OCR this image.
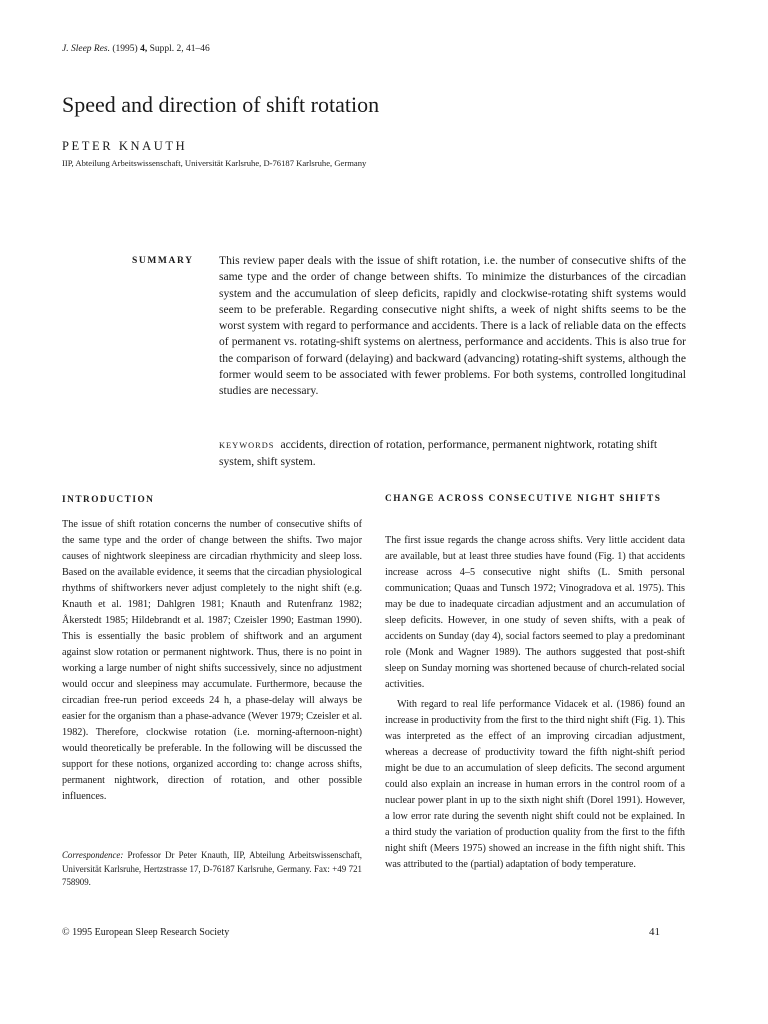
J. Sleep Res. (1995) 4, Suppl. 2, 41–46
Speed and direction of shift rotation
PETER KNAUTH
IIP, Abteilung Arbeitswissenschaft, Universität Karlsruhe, D-76187 Karlsruhe, Germany
SUMMARY This review paper deals with the issue of shift rotation, i.e. the number of consecutive shifts of the same type and the order of change between shifts. To minimize the disturbances of the circadian system and the accumulation of sleep deficits, rapidly and clockwise-rotating shift systems would seem to be preferable. Regarding consecutive night shifts, a week of night shifts seems to be the worst system with regard to performance and accidents. There is a lack of reliable data on the effects of permanent vs. rotating-shift systems on alertness, performance and accidents. This is also true for the comparison of forward (delaying) and backward (advancing) rotating-shift systems, although the former would seem to be associated with fewer problems. For both systems, controlled longitudinal studies are necessary.

KEYWORDS accidents, direction of rotation, performance, permanent nightwork, rotating shift system, shift system.

INTRODUCTION

The issue of shift rotation concerns the number of consecutive shifts of the same type and the order of change between the shifts. Two major causes of nightwork sleepiness are circadian rhythmicity and sleep loss. Based on the available evidence, it seems that the circadian physiological rhythms of shiftworkers never adjust completely to the night shift (e.g. Knauth et al. 1981; Dahlgren 1981; Knauth and Rutenfranz 1982; Åkerstedt 1985; Hildebrandt et al. 1987; Czeisler 1990; Eastman 1990). This is essentially the basic problem of shiftwork and an argument against slow rotation or permanent nightwork. Thus, there is no point in working a large number of night shifts successively, since no adjustment would occur and sleepiness may accumulate. Furthermore, because the circadian free-run period exceeds 24 h, a phase-delay will always be easier for the organism than a phase-advance (Wever 1979; Czeisler et al. 1982). Therefore, clockwise rotation (i.e. morning-afternoon-night) would theoretically be preferable. In the following will be discussed the support for these notions, organized according to: change across shifts, permanent nightwork, direction of rotation, and other possible influences.

Correspondence: Professor Dr Peter Knauth, IIP, Abteilung Arbeitswissenschaft, Universität Karlsruhe, Hertzstrasse 17, D-76187 Karlsruhe, Germany. Fax: +49 721 758909.

CHANGE ACROSS CONSECUTIVE NIGHT SHIFTS

The first issue regards the change across shifts. Very little accident data are available, but at least three studies have found (Fig. 1) that accidents increase across 4–5 consecutive night shifts (L. Smith personal communication; Quaas and Tunsch 1972; Vinogradova et al. 1975). This may be due to inadequate circadian adjustment and an accumulation of sleep deficits. However, in one study of seven shifts, with a peak of accidents on Sunday (day 4), social factors seemed to play a predominant role (Monk and Wagner 1989). The authors suggested that post-shift sleep on Sunday morning was shortened because of church-related social activities.

With regard to real life performance Vidacek et al. (1986) found an increase in productivity from the first to the third night shift (Fig. 1). This was interpreted as the effect of an improving circadian adjustment, whereas a decrease of productivity toward the fifth night-shift period might be due to an accumulation of sleep deficits. The second argument could also explain an increase in human errors in the control room of a nuclear power plant in up to the sixth night shift (Dorel 1991). However, a low error rate during the seventh night shift could not be explained. In a third study the variation of production quality from the first to the fifth night shift (Meers 1975) showed an increase in the fifth night shift. This was attributed to the (partial) adaptation of body temperature.

© 1995 European Sleep Research Society	41
